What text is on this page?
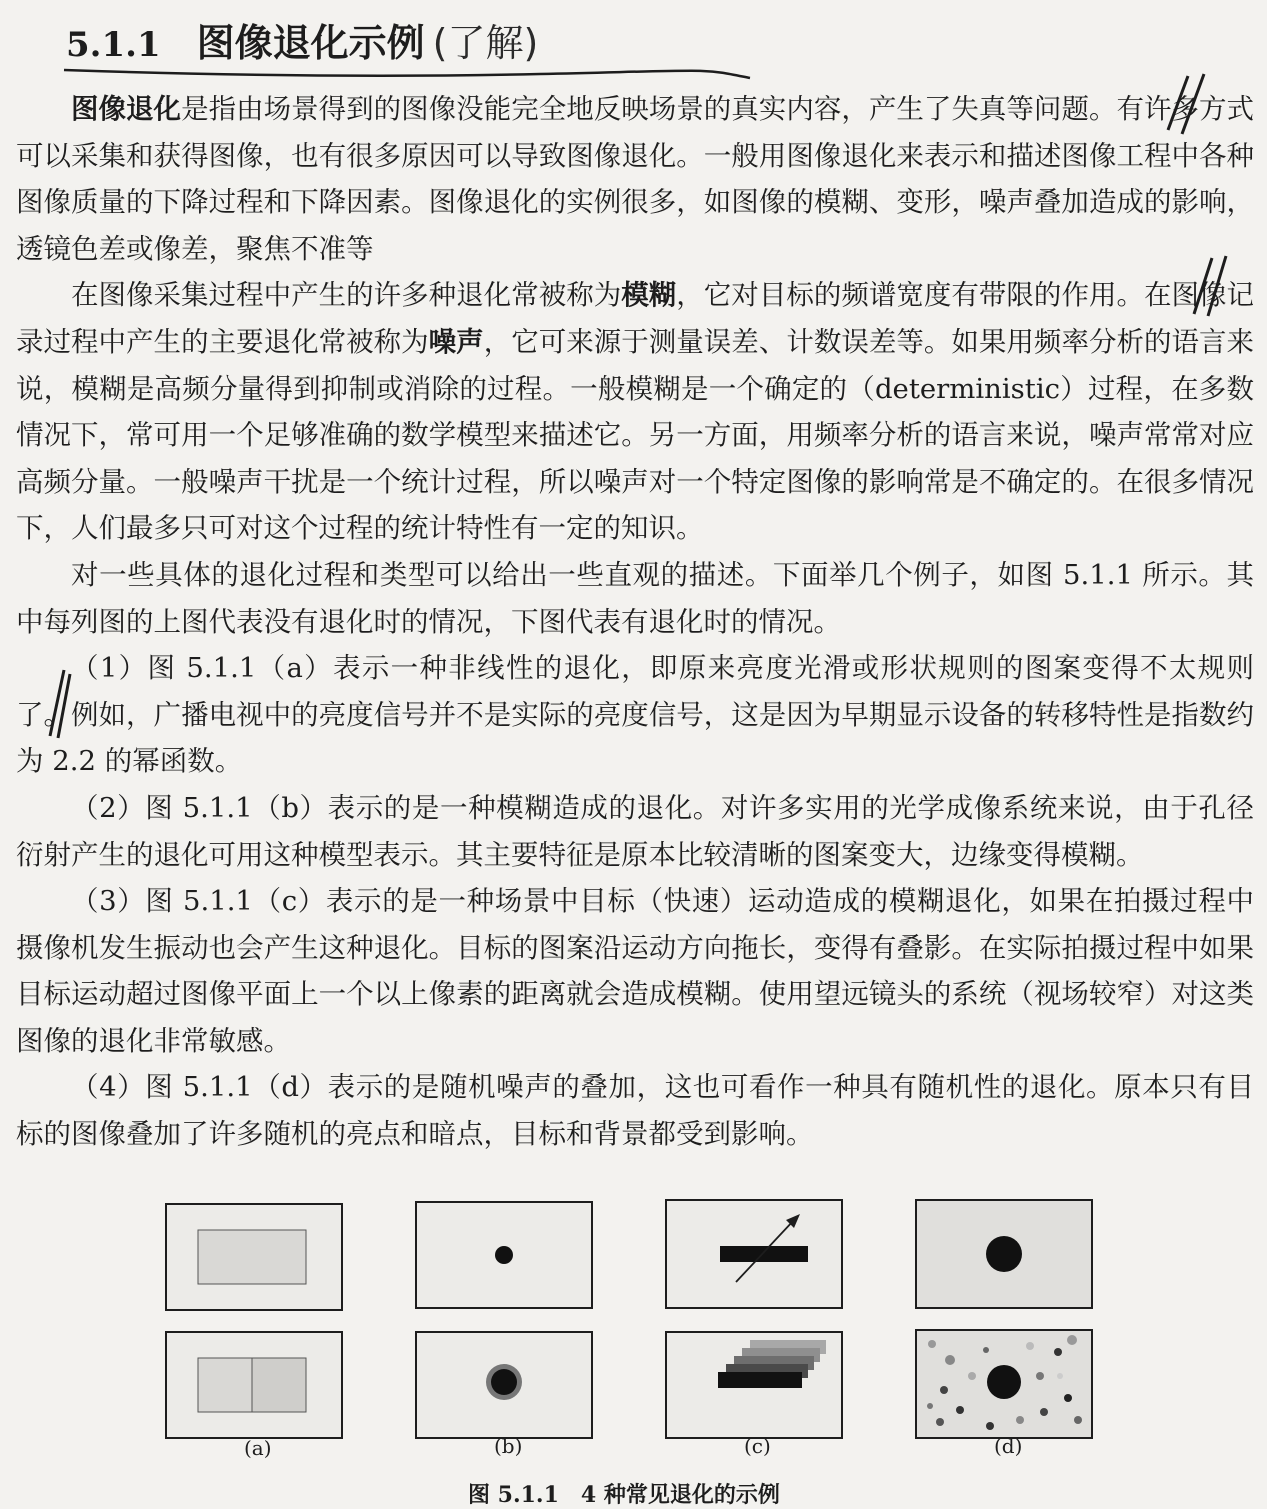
5.1.1 图像退化示例 (了解)

图像退化是指由场景得到的图像没能完全地反映场景的真实内容，产生了失真等问题。有许多方式可以采集和获得图像，也有很多原因可以导致图像退化。一般用图像退化来表示和描述图像工程中各种图像质量的下降过程和下降因素。图像退化的实例很多，如图像的模糊、变形，噪声叠加造成的影响，透镜色差或像差，聚焦不准等

在图像采集过程中产生的许多种退化常被称为模糊，它对目标的频谱宽度有带限的作用。在图像记录过程中产生的主要退化常被称为噪声，它可来源于测量误差、计数误差等。如果用频率分析的语言来说，模糊是高频分量得到抑制或消除的过程。一般模糊是一个确定的（deterministic）过程，在多数情况下，常可用一个足够准确的数学模型来描述它。另一方面，用频率分析的语言来说，噪声常常对应高频分量。一般噪声干扰是一个统计过程，所以噪声对一个特定图像的影响常是不确定的。在很多情况下，人们最多只可对这个过程的统计特性有一定的知识。

对一些具体的退化过程和类型可以给出一些直观的描述。下面举几个例子，如图 5.1.1 所示。其中每列图的上图代表没有退化时的情况，下图代表有退化时的情况。

（1）图 5.1.1（a）表示一种非线性的退化，即原来亮度光滑或形状规则的图案变得不太规则了。例如，广播电视中的亮度信号并不是实际的亮度信号，这是因为早期显示设备的转移特性是指数约为 2.2 的幂函数。

（2）图 5.1.1（b）表示的是一种模糊造成的退化。对许多实用的光学成像系统来说，由于孔径衍射产生的退化可用这种模型表示。其主要特征是原本比较清晰的图案变大，边缘变得模糊。

（3）图 5.1.1（c）表示的是一种场景中目标（快速）运动造成的模糊退化，如果在拍摄过程中摄像机发生振动也会产生这种退化。目标的图案沿运动方向拖长，变得有叠影。在实际拍摄过程中如果目标运动超过图像平面上一个以上像素的距离就会造成模糊。使用望远镜头的系统（视场较窄）对这类图像的退化非常敏感。

（4）图 5.1.1（d）表示的是随机噪声的叠加，这也可看作一种具有随机性的退化。原本只有目标的图像叠加了许多随机的亮点和暗点，目标和背景都受到影响。

(a)	(b)	(c)	(d)
图 5.1.1　4 种常见退化的示例
